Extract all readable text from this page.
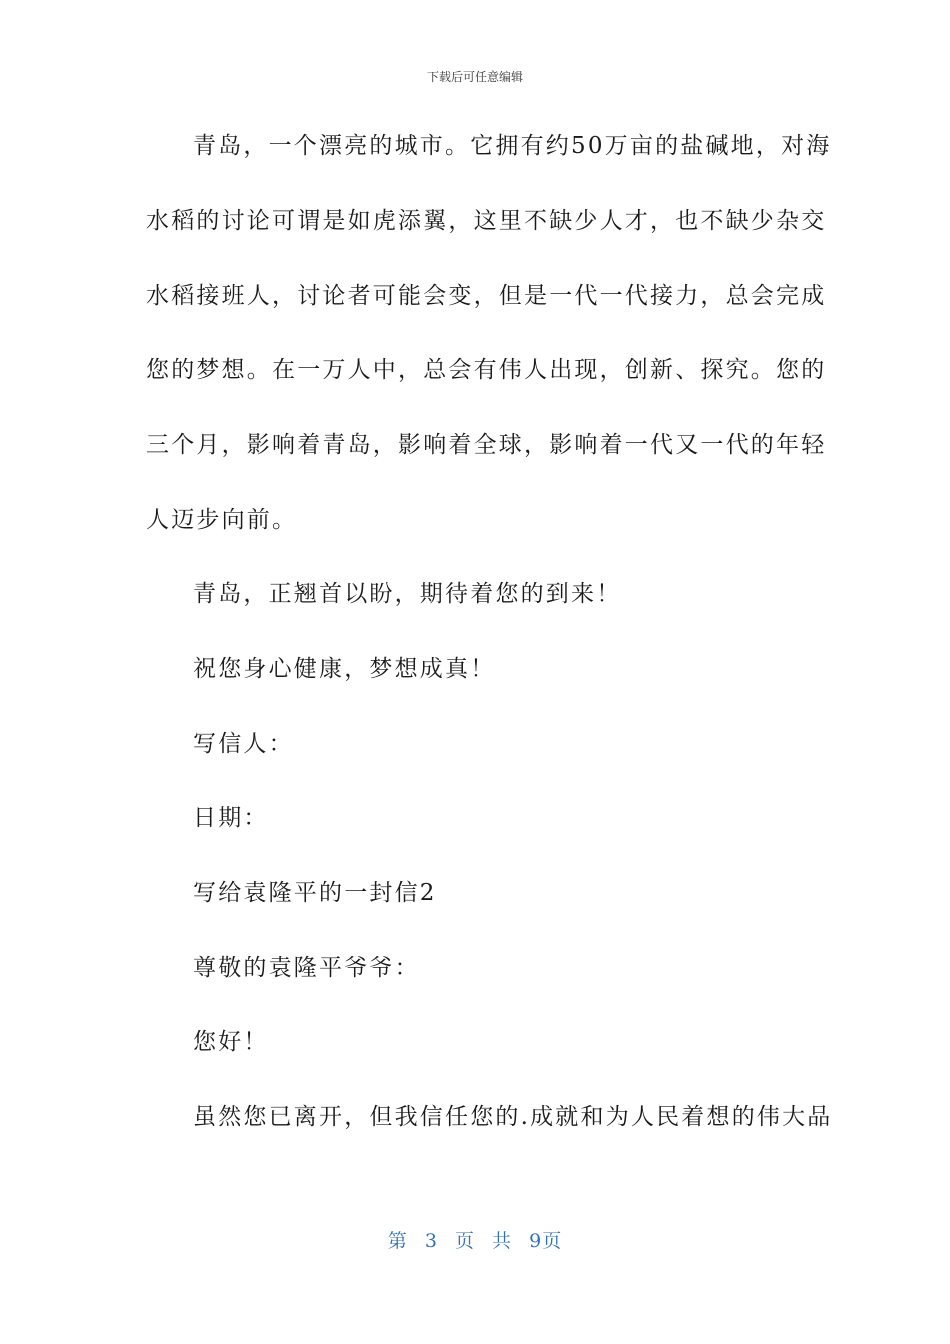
下载后可任意编辑
青岛，一个漂亮的城市。它拥有约50万亩的盐碱地，对海
水稻的讨论可谓是如虎添翼，这里不缺少人才，也不缺少杂交
水稻接班人，讨论者可能会变，但是一代一代接力，总会完成
您的梦想。在一万人中，总会有伟人出现，创新、探究。您的
三个月，影响着青岛，影响着全球，影响着一代又一代的年轻
人迈步向前。
青岛，正翘首以盼，期待着您的到来！
祝您身心健康，梦想成真！
写信人：
日期：
写给袁隆平的一封信2
尊敬的袁隆平爷爷：
您好！
虽然您已离开，但我信任您的.成就和为人民着想的伟大品
第 3 页 共 9页
